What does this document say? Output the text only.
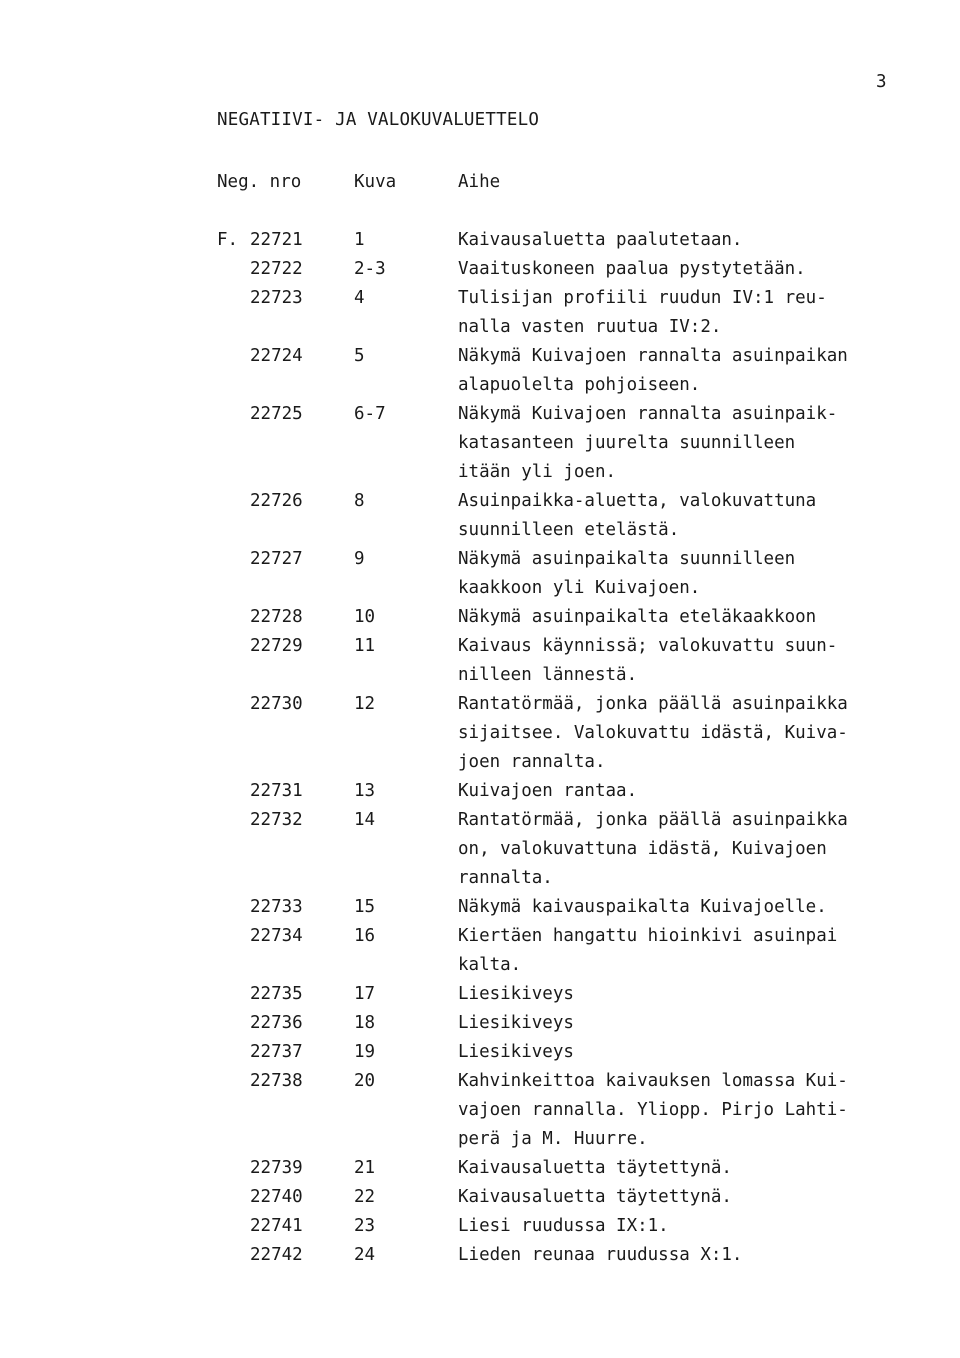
3
NEGATIIVI- JA VALOKUVALUETTELO
Neg. nro	Kuva	Aihe
F. 22721	1	Kaivausaluetta paalutetaan.
22722	2-3	Vaaituskoneen paalua pystytetään.
22723	4	Tulisijan profiili ruudun IV:1 reu-
nalla vasten ruutua IV:2.
22724	5	Näkymä Kuivajoen rannalta asuinpaikan
alapuolelta pohjoiseen.
22725	6-7	Näkymä Kuivajoen rannalta asuinpaik-
katasanteen juurelta suunnilleen
itään yli joen.
22726	8	Asuinpaikka-aluetta, valokuvattuna
suunnilleen etelästä.
22727	9	Näkymä asuinpaikalta suunnilleen
kaakkoon yli Kuivajoen.
22728	10	Näkymä asuinpaikalta eteläkaakkoon
22729	11	Kaivaus käynnissä; valokuvattu suun-
nilleen lännestä.
22730	12	Rantatörmää, jonka päällä asuinpaikka
sijaitsee. Valokuvattu idästä, Kuiva-
joen rannalta.
22731	13	Kuivajoen rantaa.
22732	14	Rantatörmää, jonka päällä asuinpaikka
on, valokuvattuna idästä, Kuivajoen
rannalta.
22733	15	Näkymä kaivauspaikalta Kuivajoelle.
22734	16	Kiertäen hangattu hioinkivi asuinpai
kalta.
22735	17	Liesikiveys
22736	18	Liesikiveys
22737	19	Liesikiveys
22738	20	Kahvinkeittoa kaivauksen lomassa Kui-
vajoen rannalla. Yliopp. Pirjo Lahti-
perä ja M. Huurre.
22739	21	Kaivausaluetta täytettynä.
22740	22	Kaivausaluetta täytettynä.
22741	23	Liesi ruudussa IX:1.
22742	24	Lieden reunaa ruudussa X:1.
